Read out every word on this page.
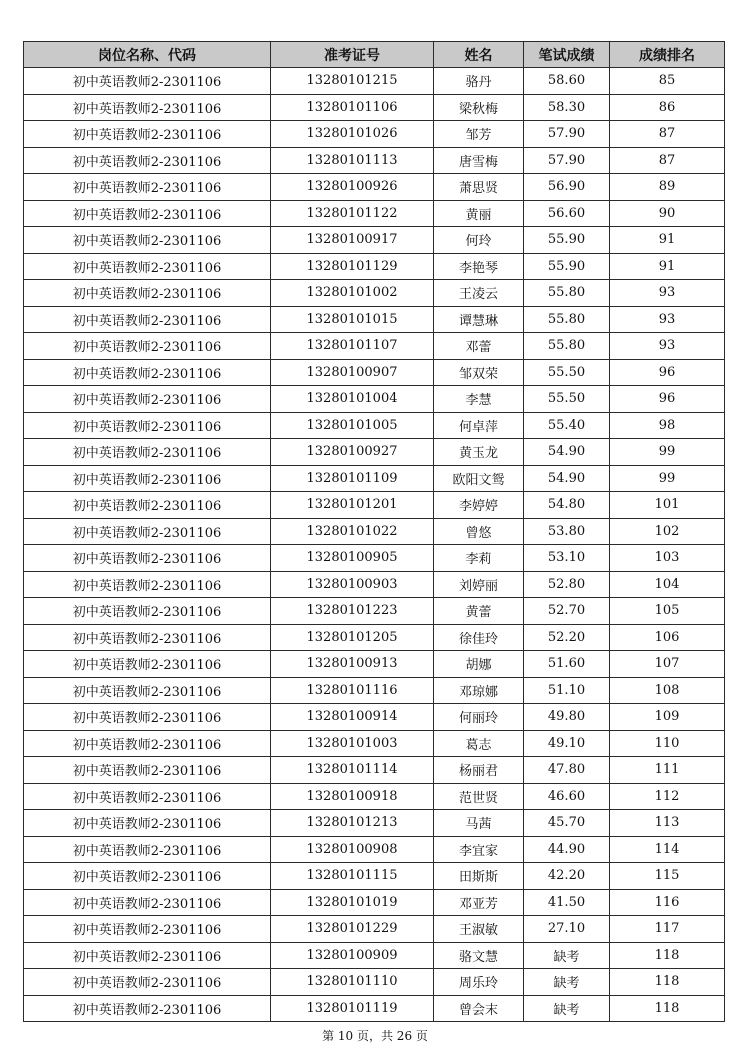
岗位名称、代码	准考证号	姓名	笔试成绩	成绩排名
初中英语教师2-2301106	13280101215	骆丹	58.60	85
初中英语教师2-2301106	13280101106	梁秋梅	58.30	86
初中英语教师2-2301106	13280101026	邹芳	57.90	87
初中英语教师2-2301106	13280101113	唐雪梅	57.90	87
初中英语教师2-2301106	13280100926	萧思贤	56.90	89
初中英语教师2-2301106	13280101122	黄丽	56.60	90
初中英语教师2-2301106	13280100917	何玲	55.90	91
初中英语教师2-2301106	13280101129	李艳琴	55.90	91
初中英语教师2-2301106	13280101002	王凌云	55.80	93
初中英语教师2-2301106	13280101015	谭慧琳	55.80	93
初中英语教师2-2301106	13280101107	邓蕾	55.80	93
初中英语教师2-2301106	13280100907	邹双荣	55.50	96
初中英语教师2-2301106	13280101004	李慧	55.50	96
初中英语教师2-2301106	13280101005	何卓萍	55.40	98
初中英语教师2-2301106	13280100927	黄玉龙	54.90	99
初中英语教师2-2301106	13280101109	欧阳文鸳	54.90	99
初中英语教师2-2301106	13280101201	李婷婷	54.80	101
初中英语教师2-2301106	13280101022	曾悠	53.80	102
初中英语教师2-2301106	13280100905	李莉	53.10	103
初中英语教师2-2301106	13280100903	刘婷丽	52.80	104
初中英语教师2-2301106	13280101223	黄蕾	52.70	105
初中英语教师2-2301106	13280101205	徐佳玲	52.20	106
初中英语教师2-2301106	13280100913	胡娜	51.60	107
初中英语教师2-2301106	13280101116	邓琼娜	51.10	108
初中英语教师2-2301106	13280100914	何丽玲	49.80	109
初中英语教师2-2301106	13280101003	葛志	49.10	110
初中英语教师2-2301106	13280101114	杨丽君	47.80	111
初中英语教师2-2301106	13280100918	范世贤	46.60	112
初中英语教师2-2301106	13280101213	马茜	45.70	113
初中英语教师2-2301106	13280100908	李宜家	44.90	114
初中英语教师2-2301106	13280101115	田斯斯	42.20	115
初中英语教师2-2301106	13280101019	邓亚芳	41.50	116
初中英语教师2-2301106	13280101229	王淑敏	27.10	117
初中英语教师2-2301106	13280100909	骆文慧	缺考	118
初中英语教师2-2301106	13280101110	周乐玲	缺考	118
初中英语教师2-2301106	13280101119	曾会末	缺考	118
第 10 页，共 26 页
